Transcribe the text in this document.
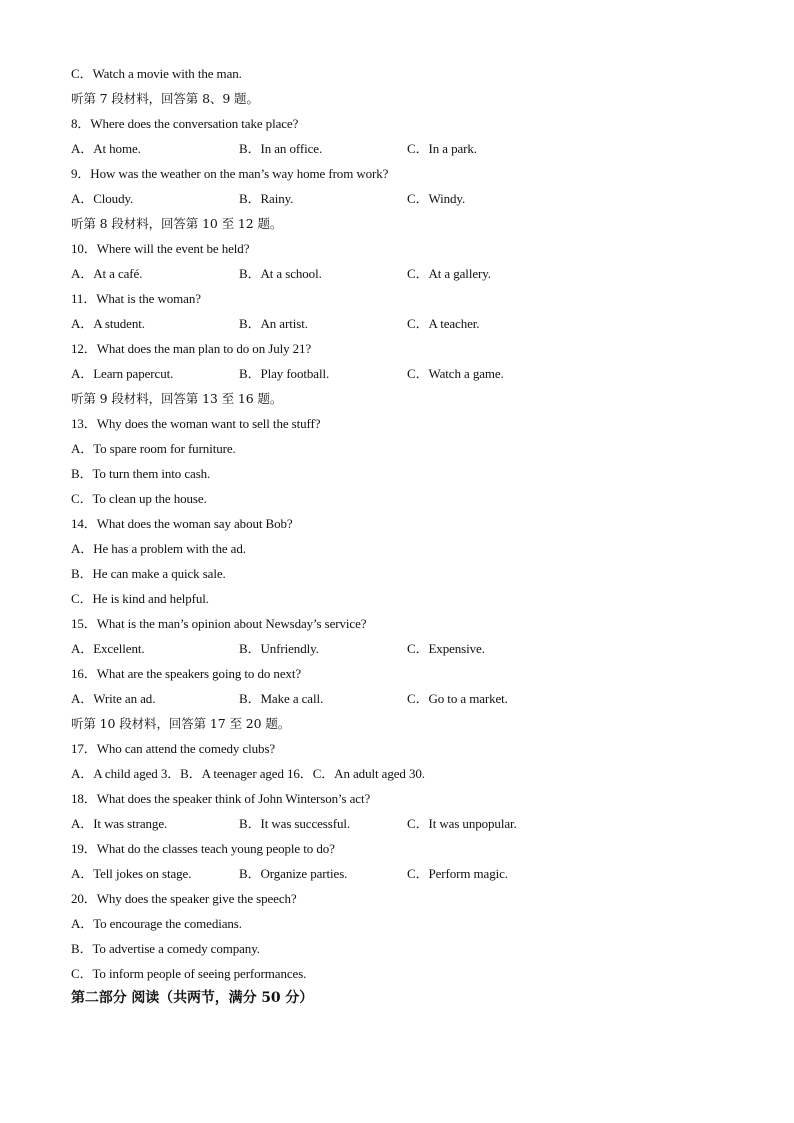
C．Watch a movie with the man.
听第 7 段材料，回答第 8、9 题。
8．Where does the conversation take place?
A．At home.	B．In an office.	C．In a park.
9．How was the weather on the man’s way home from work?
A．Cloudy.	B．Rainy.	C．Windy.
听第 8 段材料，回答第 10 至 12 题。
10．Where will the event be held?
A．At a café.	B．At a school.	C．At a gallery.
11．What is the woman?
A．A student.	B．An artist.	C．A teacher.
12．What does the man plan to do on July 21?
A．Learn papercut.	B．Play football.	C．Watch a game.
听第 9 段材料，回答第 13 至 16 题。
13．Why does the woman want to sell the stuff?
A．To spare room for furniture.
B．To turn them into cash.
C．To clean up the house.
14．What does the woman say about Bob?
A．He has a problem with the ad.
B．He can make a quick sale.
C．He is kind and helpful.
15．What is the man’s opinion about Newsday’s service?
A．Excellent.	B．Unfriendly.	C．Expensive.
16．What are the speakers going to do next?
A．Write an ad.	B．Make a call.	C．Go to a market.
听第 10 段材料，回答第 17 至 20 题。
17．Who can attend the comedy clubs?
A．A child aged 3．B．A teenager aged 16．C．An adult aged 30.
18．What does the speaker think of John Winterson’s act?
A．It was strange.	B．It was successful.	C．It was unpopular.
19．What do the classes teach young people to do?
A．Tell jokes on stage.	B．Organize parties.	C．Perform magic.
20．Why does the speaker give the speech?
A．To encourage the comedians.
B．To advertise a comedy company.
C．To inform people of seeing performances.
第二部分 阅读（共两节，满分 50 分）
